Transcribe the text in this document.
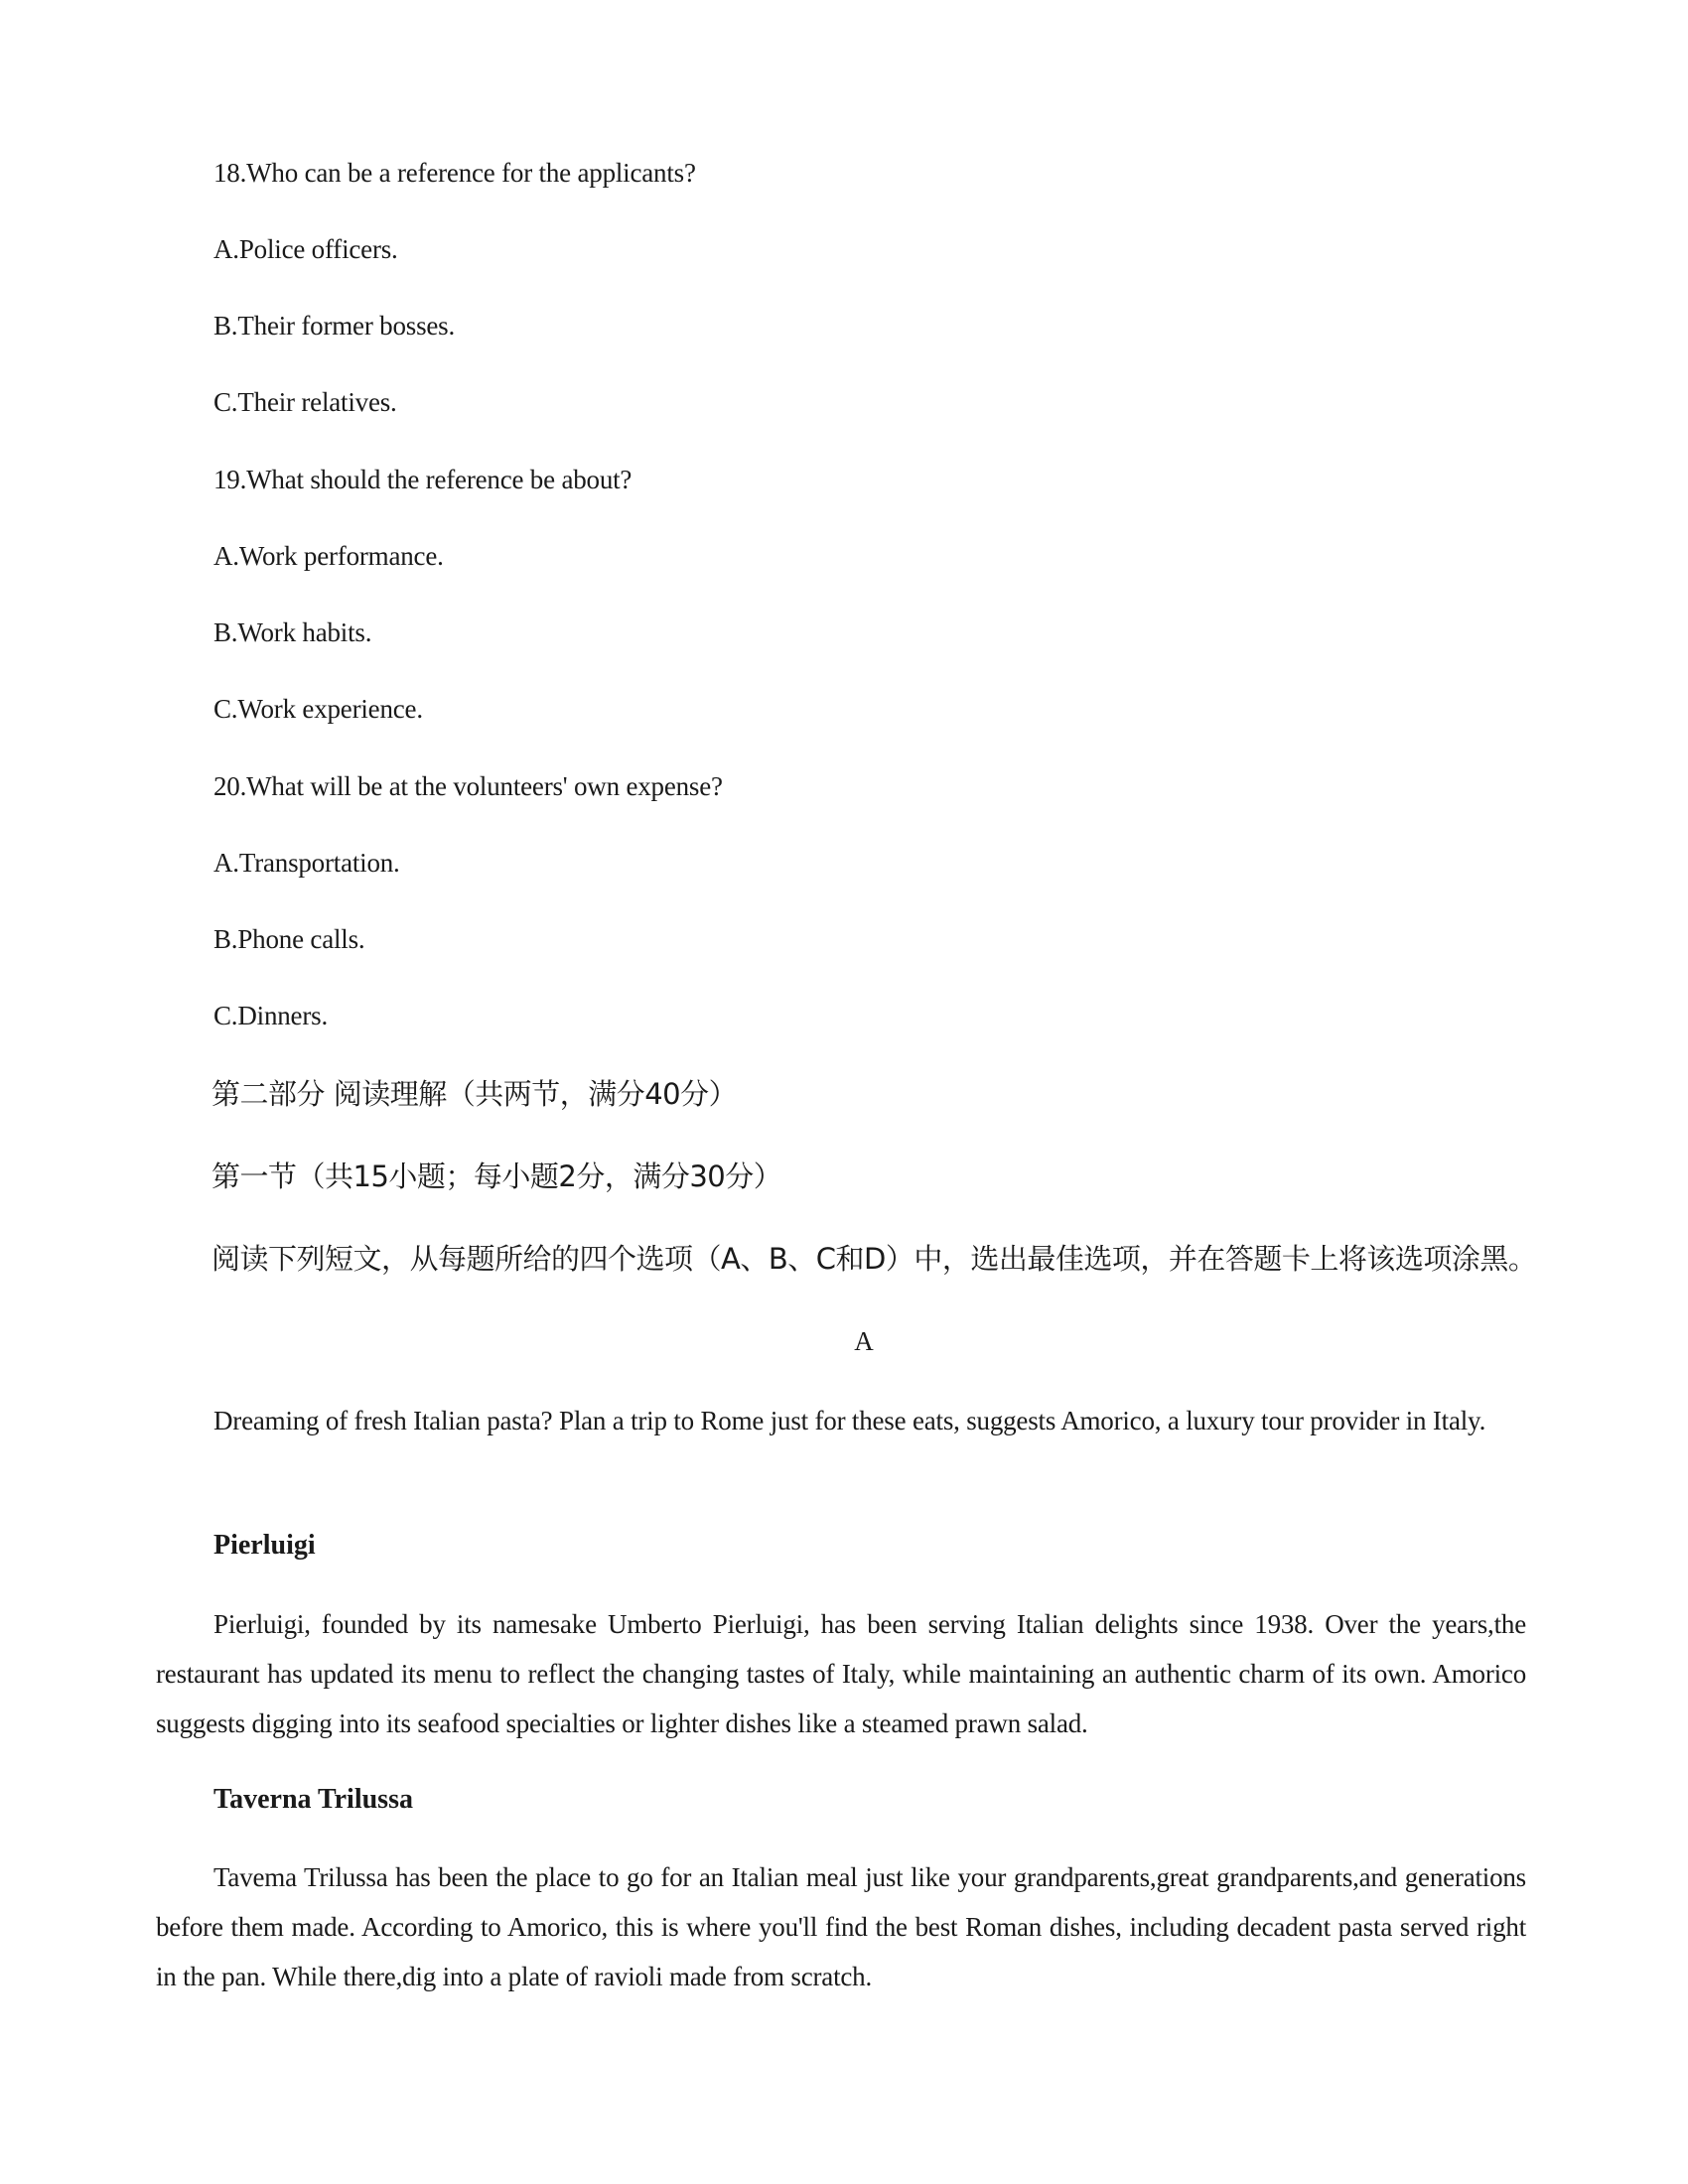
18.Who can be a reference for the applicants?
A.Police officers.
B.Their former bosses.
C.Their relatives.
19.What should the reference be about?
A.Work performance.
B.Work habits.
C.Work experience.
20.What will be at the volunteers' own expense?
A.Transportation.
B.Phone calls.
C.Dinners.
第二部分 阅读理解（共两节，满分40分）
第一节（共15小题；每小题2分，满分30分）
阅读下列短文，从每题所给的四个选项（A、B、C和D）中，选出最佳选项，并在答题卡上将该选项涂黑。
A

Dreaming of fresh Italian pasta? Plan a trip to Rome just for these eats, suggests Amorico, a luxury tour provider in Italy.

Pierluigi

Pierluigi, founded by its namesake Umberto Pierluigi, has been serving Italian delights since 1938. Over the years,the restaurant has updated its menu to reflect the changing tastes of Italy, while maintaining an authentic charm of its own. Amorico suggests digging into its seafood specialties or lighter dishes like a steamed prawn salad.

Taverna Trilussa

Tavema Trilussa has been the place to go for an Italian meal just like your grandparents,great grandparents,and generations before them made. According to Amorico, this is where you'll find the best Roman dishes, including decadent pasta served right in the pan. While there,dig into a plate of ravioli made from scratch.
